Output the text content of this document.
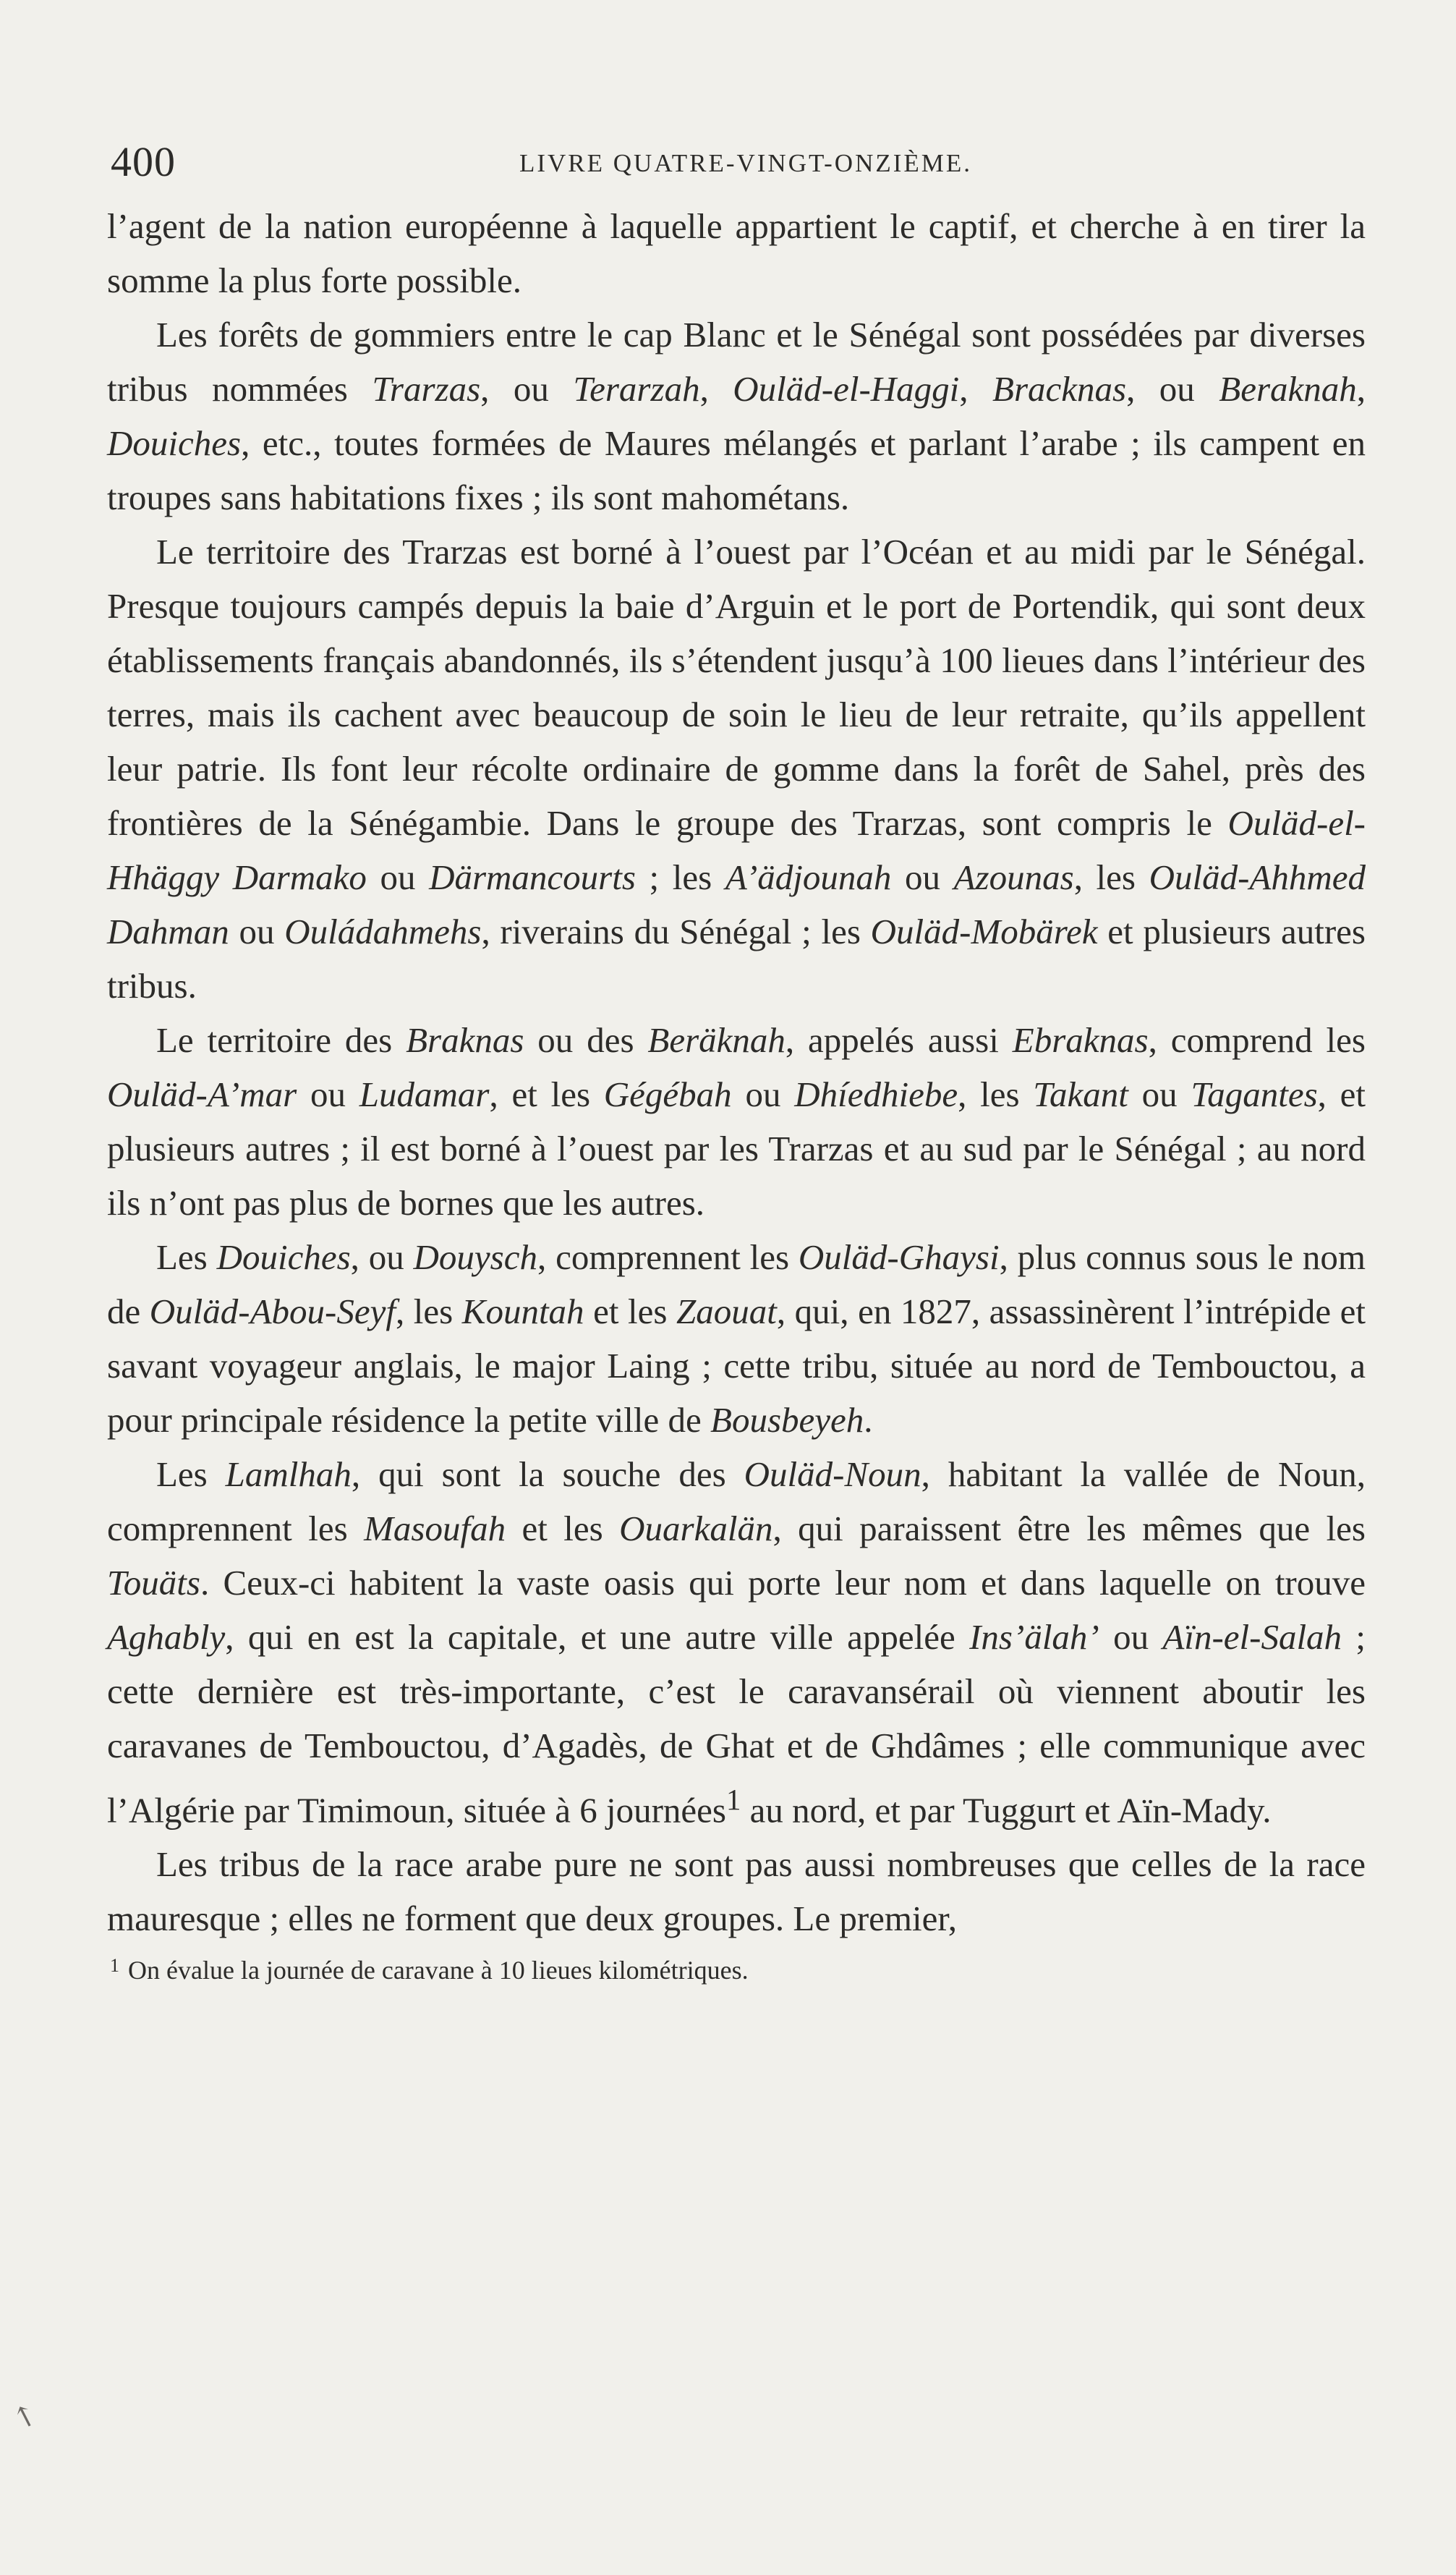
400	LIVRE QUATRE-VINGT-ONZIÈME.

l’agent de la nation européenne à laquelle appartient le captif, et cherche à en tirer la somme la plus forte possible.

Les forêts de gommiers entre le cap Blanc et le Sénégal sont possédées par diverses tribus nommées Trarzas, ou Terarzah, Ouläd-el-Haggi, Bracknas, ou Beraknah, Douiches, etc., toutes formées de Maures mélangés et parlant l’arabe ; ils campent en troupes sans habitations fixes ; ils sont mahométans.

Le territoire des Trarzas est borné à l’ouest par l’Océan et au midi par le Sénégal. Presque toujours campés depuis la baie d’Arguin et le port de Portendik, qui sont deux établissements français abandonnés, ils s’étendent jusqu’à 100 lieues dans l’intérieur des terres, mais ils cachent avec beaucoup de soin le lieu de leur retraite, qu’ils appellent leur patrie. Ils font leur récolte ordinaire de gomme dans la forêt de Sahel, près des frontières de la Sénégambie. Dans le groupe des Trarzas, sont compris le Ouläd-el-Hhäggy Darmako ou Därmancourts ; les A’ädjounah ou Azounas, les Ouläd-Ahhmed Dahman ou Ouládahmehs, riverains du Sénégal ; les Ouläd-Mobärek et plusieurs autres tribus.

Le territoire des Braknas ou des Beräknah, appelés aussi Ebraknas, comprend les Ouläd-A’mar ou Ludamar, et les Gégébah ou Dhíedhiebe, les Takant ou Tagantes, et plusieurs autres ; il est borné à l’ouest par les Trarzas et au sud par le Sénégal ; au nord ils n’ont pas plus de bornes que les autres.

Les Douiches, ou Douysch, comprennent les Ouläd-Ghaysi, plus connus sous le nom de Ouläd-Abou-Seyf, les Kountah et les Zaouat, qui, en 1827, assassinèrent l’intrépide et savant voyageur anglais, le major Laing ; cette tribu, située au nord de Tembouctou, a pour principale résidence la petite ville de Bousbeyeh.

Les Lamlhah, qui sont la souche des Ouläd-Noun, habitant la vallée de Noun, comprennent les Masoufah et les Ouarkalän, qui paraissent être les mêmes que les Touäts. Ceux-ci habitent la vaste oasis qui porte leur nom et dans laquelle on trouve Aghably, qui en est la capitale, et une autre ville appelée Ins’älah’ ou Aïn-el-Salah ; cette dernière est très-importante, c’est le caravansérail où viennent aboutir les caravanes de Tembouctou, d’Agadès, de Ghat et de Ghdâmes ; elle communique avec l’Algérie par Timimoun, située à 6 journées$^1$ au nord, et par Tuggurt et Aïn-Mady.

Les tribus de la race arabe pure ne sont pas aussi nombreuses que celles de la race mauresque ; elles ne forment que deux groupes. Le premier,

$^1$ On évalue la journée de caravane à 10 lieues kilométriques.
↖
